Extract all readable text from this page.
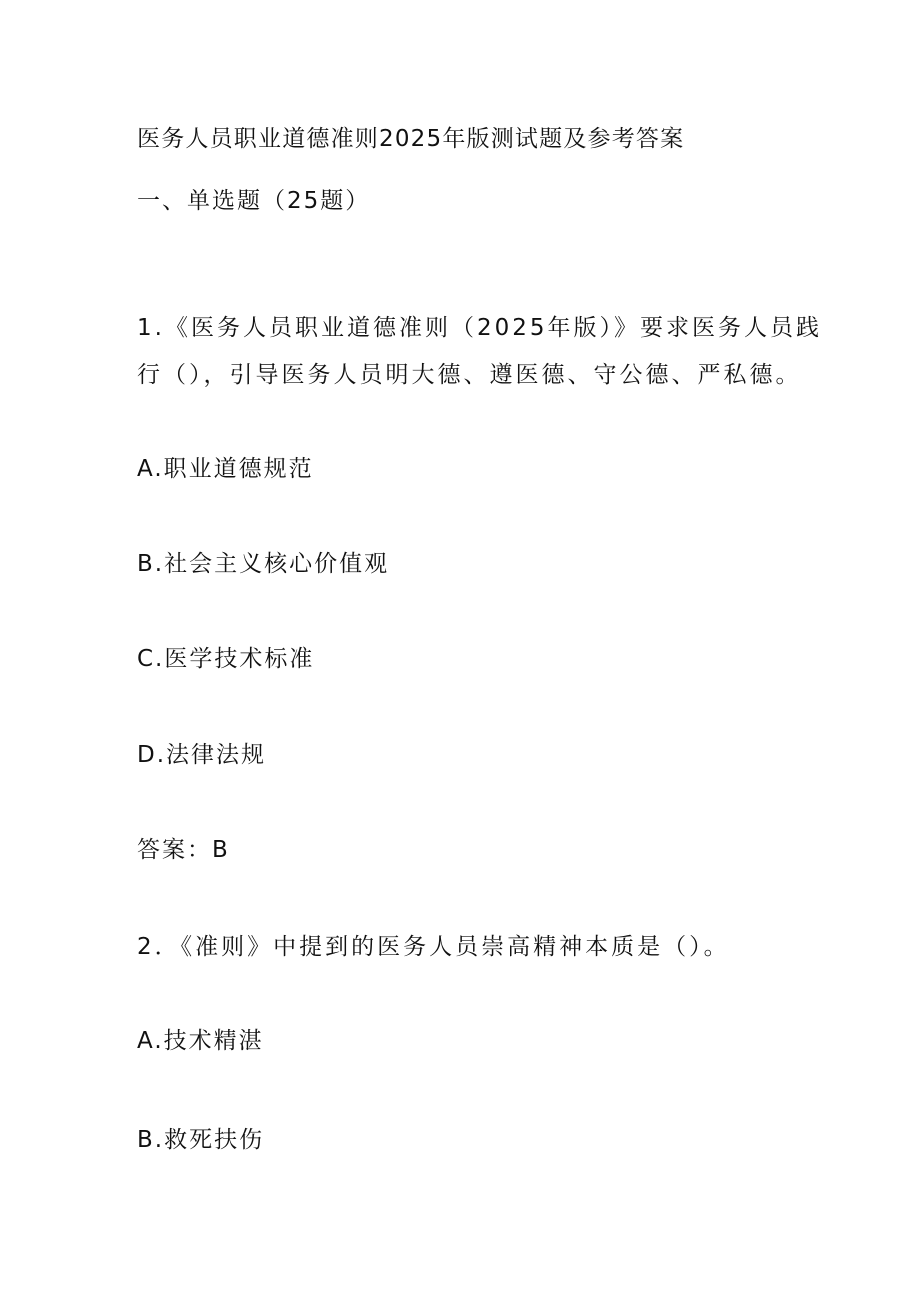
医务人员职业道德准则2025年版测试题及参考答案
一、单选题（25题）
1.《医务人员职业道德准则（2025年版）》要求医务人员践
行（），引导医务人员明大德、遵医德、守公德、严私德。
A.职业道德规范
B.社会主义核心价值观
C.医学技术标准
D.法律法规
答案：B
2．《准则》中提到的医务人员崇高精神本质是（）。
A.技术精湛
B.救死扶伤
